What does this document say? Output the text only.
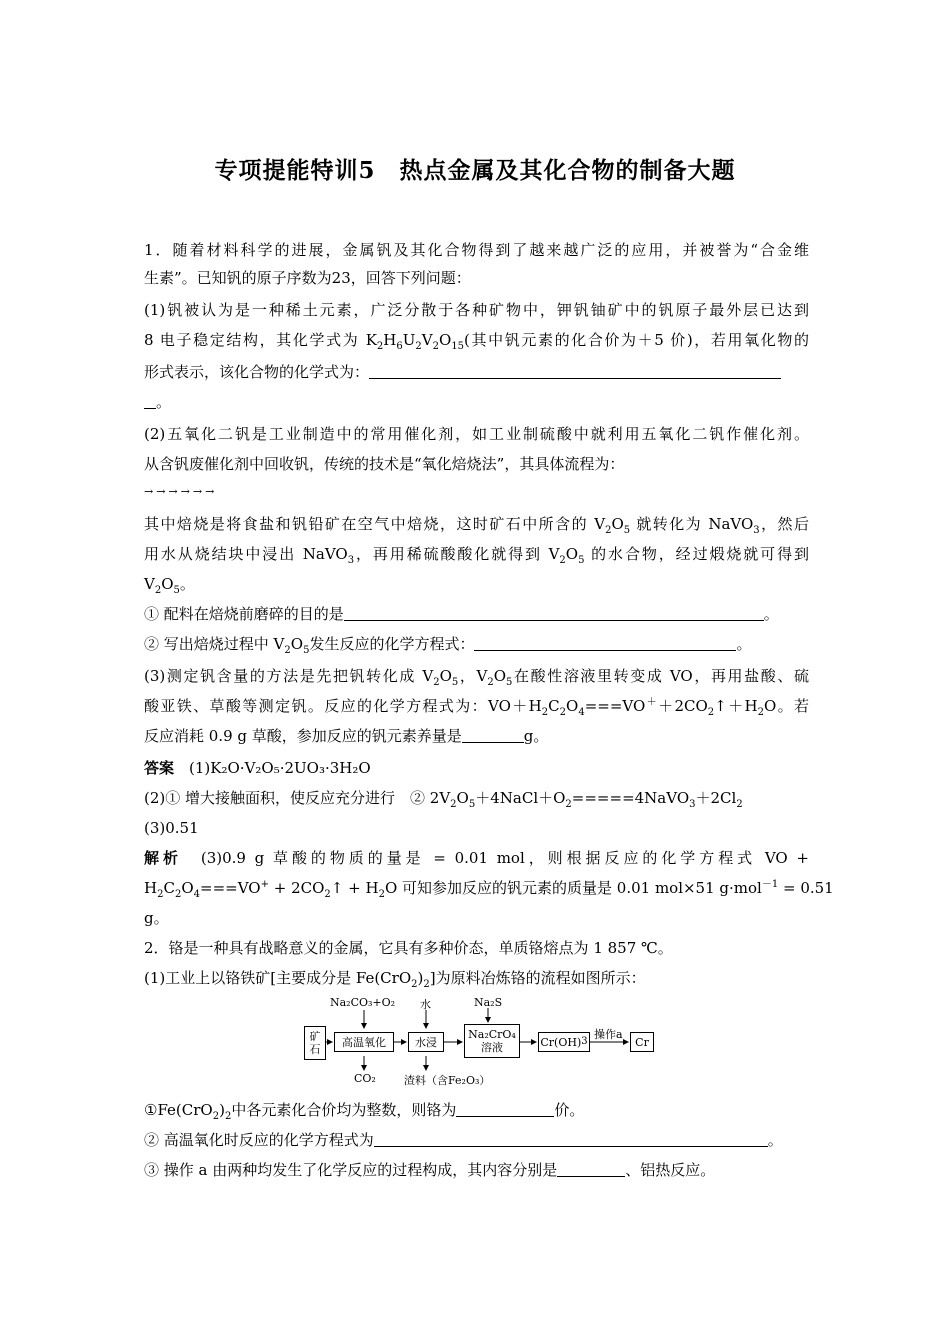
专项提能特训5　热点金属及其化合物的制备大题
1．随着材料科学的进展，金属钒及其化合物得到了越来越广泛的应用，并被誉为“合金维
生素”。已知钒的原子序数为23，回答下列问题：
(1)钒被认为是一种稀土元素，广泛分散于各种矿物中，钾钒铀矿中的钒原子最外层已达到
8 电子稳定结构，其化学式为 $K_2H_6U_2V_2O_{15}$(其中钒元素的化合价为＋5 价)，若用氧化物的
形式表示，该化合物的化学式为：
。
(2)五氧化二钒是工业制造中的常用催化剂，如工业制硫酸中就利用五氧化二钒作催化剂。
从含钒废催化剂中回收钒，传统的技术是“氧化焙烧法”，其具体流程为：
→→→→→→
其中焙烧是将食盐和钒铅矿在空气中焙烧，这时矿石中所含的 $V_2O_5$ 就转化为 NaVO$_3$，然后
用水从烧结块中浸出 NaVO$_3$，再用稀硫酸酸化就得到 $V_2O_5$ 的水合物，经过煅烧就可得到
$V_2O_5$。
① 配料在焙烧前磨碎的目的是	。
② 写出焙烧过程中 $V_2O_5$发生反应的化学方程式：	。
(3)测定钒含量的方法是先把钒转化成 $V_2O_5$，$V_2O_5$在酸性溶液里转变成 VO，再用盐酸、硫
酸亚铁、草酸等测定钒。反应的化学方程式为：$VO+H_2C_2O_4===VO^++2CO_2↑+H_2O$。若
反应消耗 0.9 g 草酸，参加反应的钒元素养量是	g。
答案　 (1)K₂O·V₂O₅·2UO₃·3H₂O
(2)① 增大接触面积，使反应充分进行　② $2V_2O_5+4NaCl+O_2=====4NaVO_3+2Cl_2$
(3)0.51
解析　 (3)0.9 g 草酸的物质的量是 = 0.01 mol，则根据反应的化学方程式 VO +
$H_2C_2O_4===VO^+$ + $2CO_2↑ + H_2O$ 可知参加反应的钒元素的质量是 0.01 mol×51 g·mol$^{-1}$ = 0.51
g。
2．铬是一种具有战略意义的金属，它具有多种价态，单质铬熔点为 1 857 ℃。
(1)工业上以铬铁矿[主要成分是 $Fe(CrO_2)_2$]为原料冶炼铬的流程如图所示：
$①Fe(CrO_2)_2$中各元素化合价均为整数，则铬为	价。
② 高温氧化时反应的化学方程式为	。
③ 操作 a 由两种均发生了化学反应的过程构成，其内容分别是	、铝热反应。
Na₂CO₃+O₂ 水	Na₂S
矿
石
高温氧化	水浸
Na₂CrO₄
溶液	Cr(OH) 3
操作a
Cr
CO₂	渣料（含Fe₂O₃）
